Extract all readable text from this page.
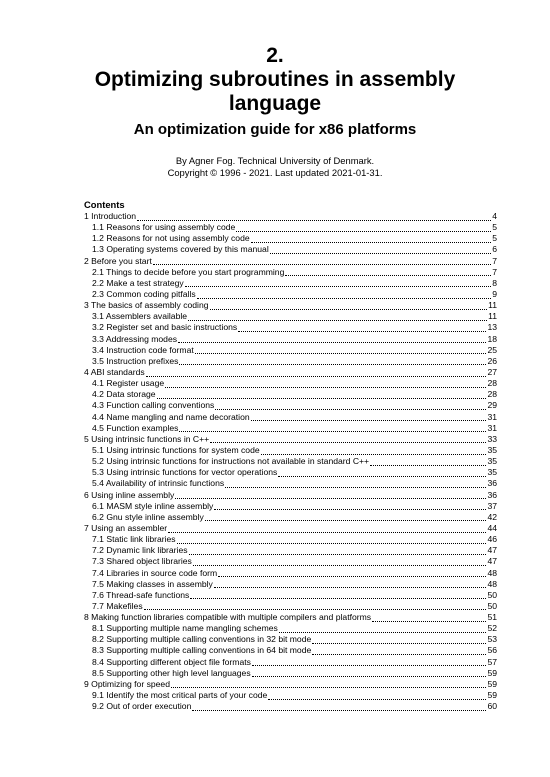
2.
Optimizing subroutines in assembly language
An optimization guide for x86 platforms
By Agner Fog. Technical University of Denmark.
Copyright © 1996 - 2021. Last updated 2021-01-31.
Contents
1 Introduction	4
1.1 Reasons for using assembly code	5
1.2 Reasons for not using assembly code	5
1.3 Operating systems covered by this manual	6
2 Before you start	7
2.1 Things to decide before you start programming	7
2.2 Make a test strategy	8
2.3 Common coding pitfalls	9
3 The basics of assembly coding	11
3.1 Assemblers available	11
3.2 Register set and basic instructions	13
3.3 Addressing modes	18
3.4 Instruction code format	25
3.5 Instruction prefixes	26
4 ABI standards	27
4.1 Register usage	28
4.2 Data storage	28
4.3 Function calling conventions	29
4.4 Name mangling and name decoration	31
4.5 Function examples	31
5 Using intrinsic functions in C++	33
5.1 Using intrinsic functions for system code	35
5.2 Using intrinsic functions for instructions not available in standard C++	35
5.3 Using intrinsic functions for vector operations	35
5.4 Availability of intrinsic functions	36
6 Using inline assembly	36
6.1 MASM style inline assembly	37
6.2 Gnu style inline assembly	42
7 Using an assembler	44
7.1 Static link libraries	46
7.2 Dynamic link libraries	47
7.3 Shared object libraries	47
7.4 Libraries in source code form	48
7.5 Making classes in assembly	48
7.6 Thread-safe functions	50
7.7 Makefiles	50
8 Making function libraries compatible with multiple compilers and platforms	51
8.1 Supporting multiple name mangling schemes	52
8.2 Supporting multiple calling conventions in 32 bit mode	53
8.3 Supporting multiple calling conventions in 64 bit mode	56
8.4 Supporting different object file formats	57
8.5 Supporting other high level languages	59
9 Optimizing for speed	59
9.1 Identify the most critical parts of your code	59
9.2 Out of order execution	60
